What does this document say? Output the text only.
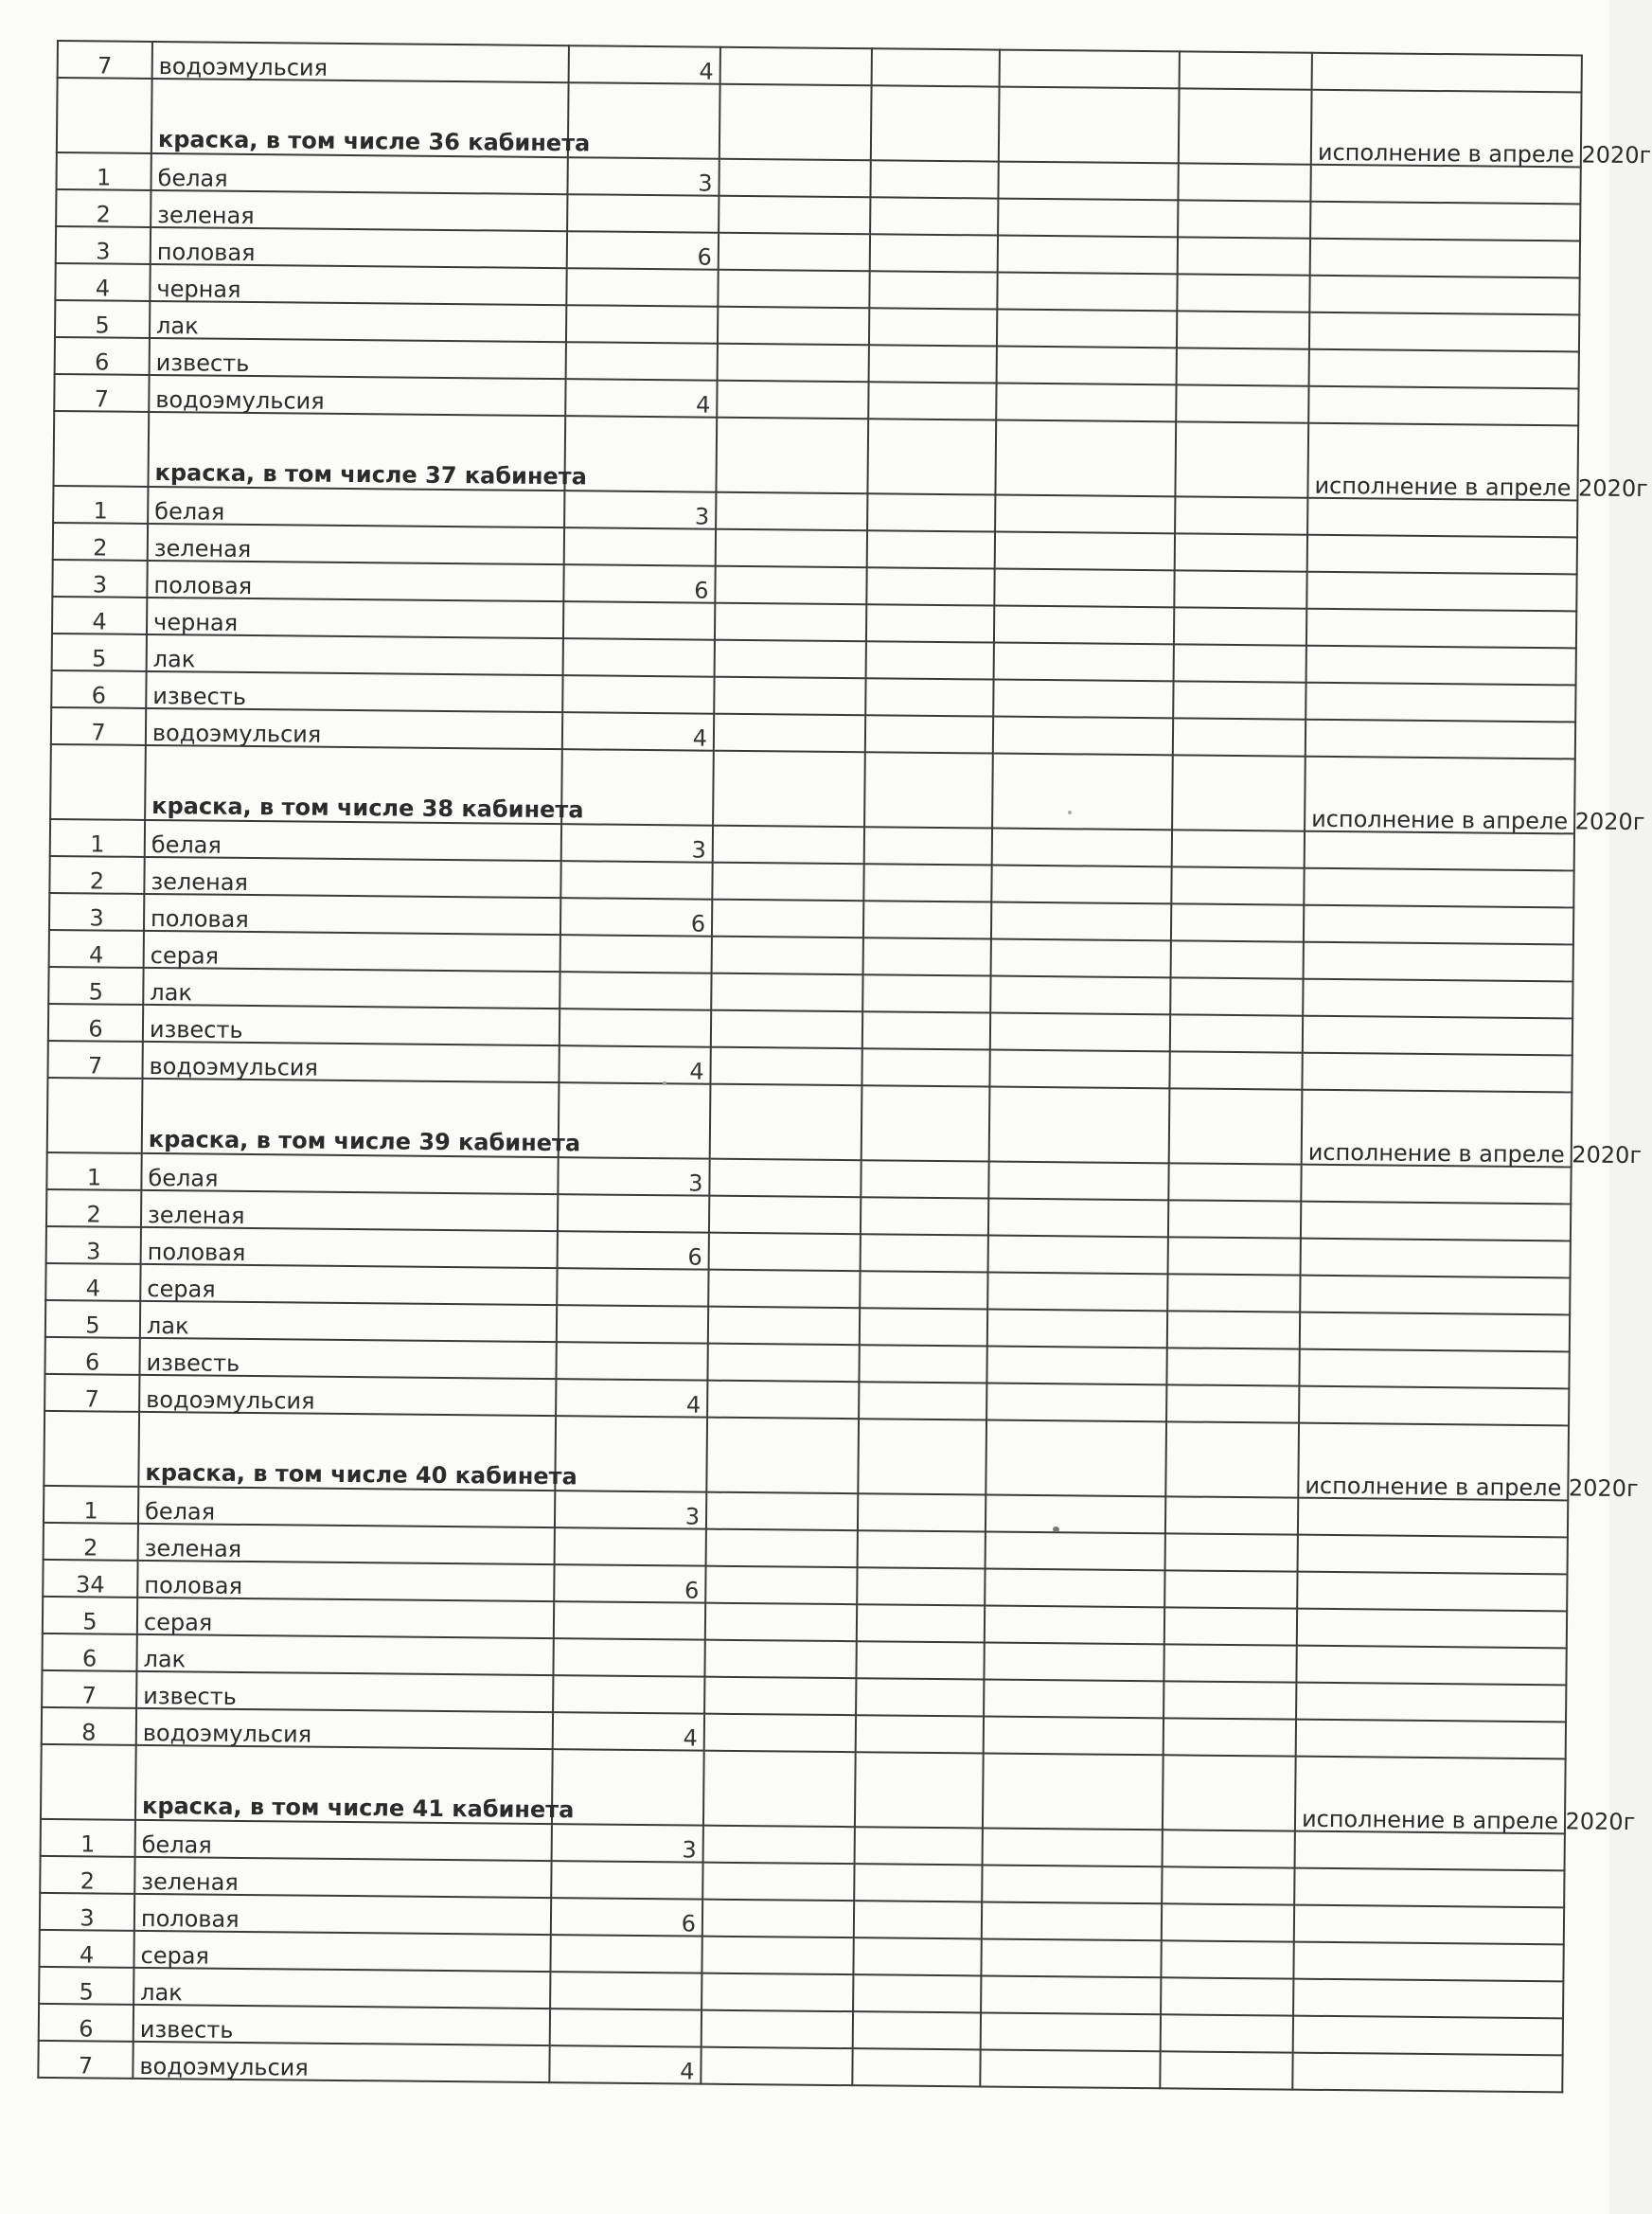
7	водоэмульсия	4					
	краска, в том числе 36 кабинета						исполнение в апреле 2020г
1	белая	3					
2	зеленая						
3	половая	6					
4	черная						
5	лак						
6	известь						
7	водоэмульсия	4					
	краска, в том числе 37 кабинета						исполнение в апреле 2020г
1	белая	3					
2	зеленая						
3	половая	6					
4	черная						
5	лак						
6	известь						
7	водоэмульсия	4					
	краска, в том числе 38 кабинета						исполнение в апреле 2020г
1	белая	3					
2	зеленая						
3	половая	6					
4	серая						
5	лак						
6	известь						
7	водоэмульсия	4					
	краска, в том числе 39 кабинета						исполнение в апреле 2020г
1	белая	3					
2	зеленая						
3	половая	6					
4	серая						
5	лак						
6	известь						
7	водоэмульсия	4					
	краска, в том числе 40 кабинета						исполнение в апреле 2020г
1	белая	3					
2	зеленая						
34	половая	6					
5	серая						
6	лак						
7	известь						
8	водоэмульсия	4					
	краска, в том числе 41 кабинета						исполнение в апреле 2020г
1	белая	3					
2	зеленая						
3	половая	6					
4	серая						
5	лак						
6	известь						
7	водоэмульсия	4					
